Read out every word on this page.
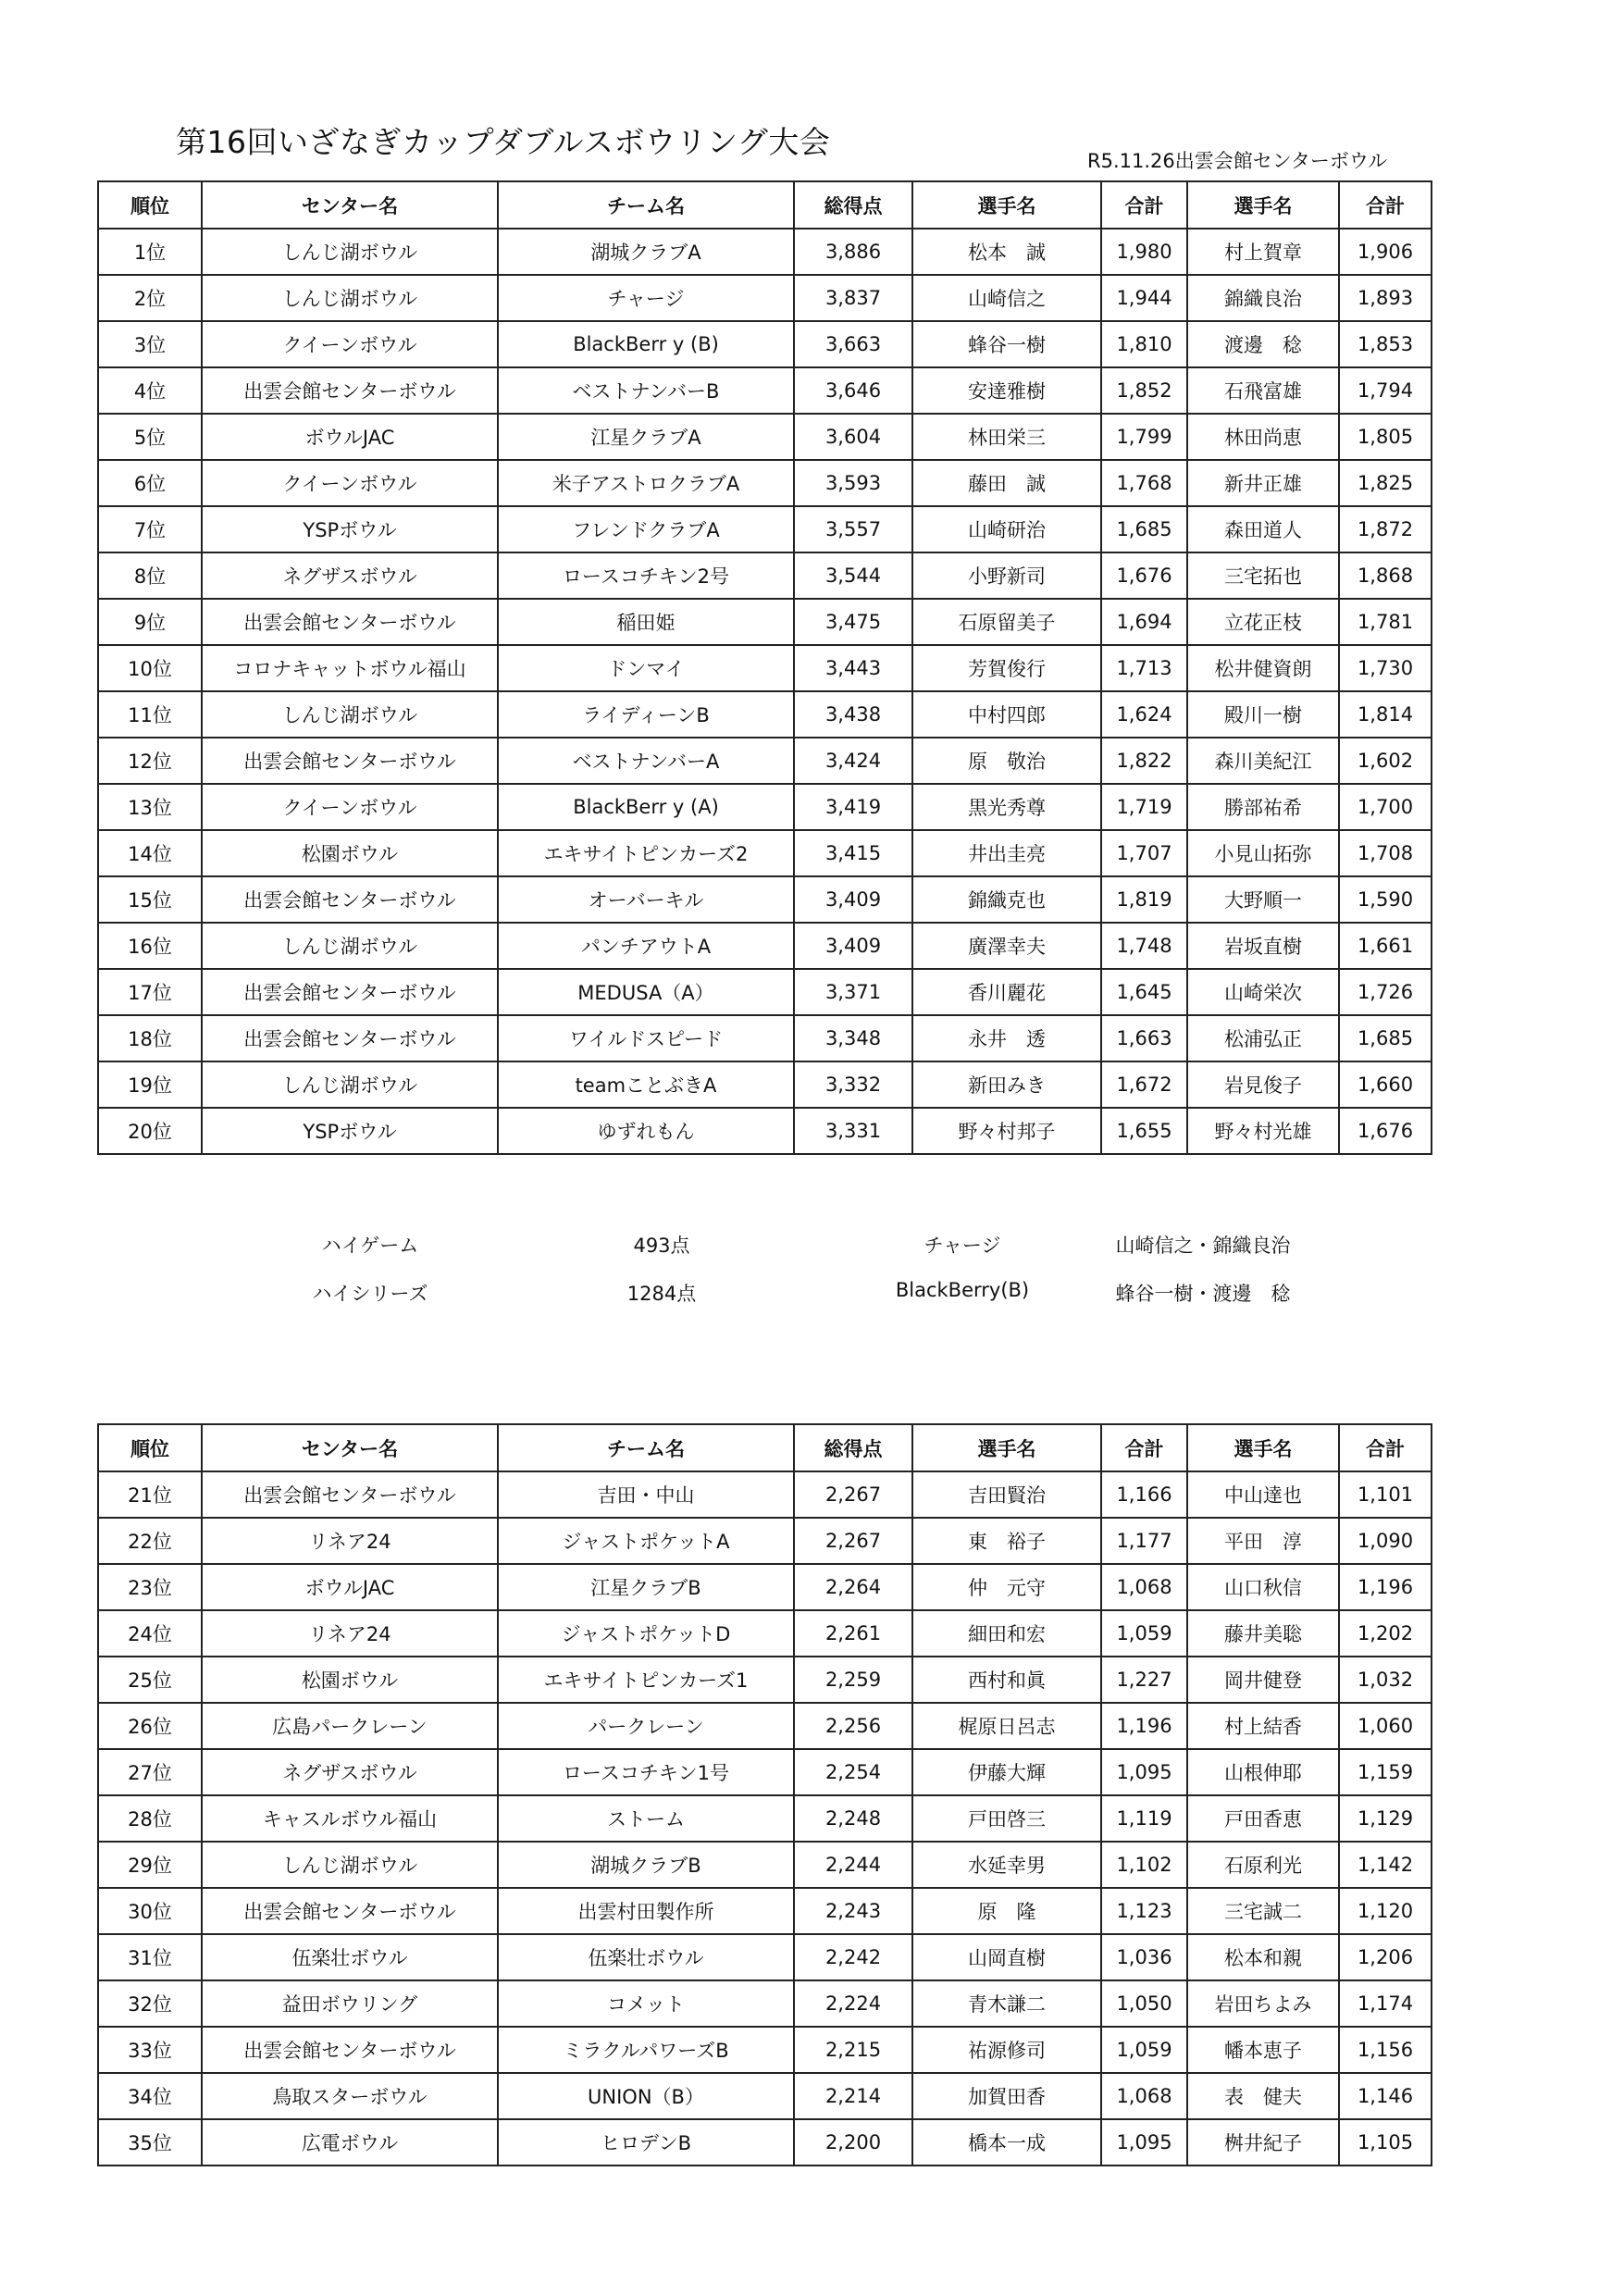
第16回いざなぎカップダブルスボウリング大会
R5.11.26出雲会館センターボウル
順位	センター名	チーム名	総得点	選手名	合計	選手名	合計
1位	しんじ湖ボウル	湖城クラブA	3,886	松本　誠	1,980	村上賀章	1,906
2位	しんじ湖ボウル	チャージ	3,837	山崎信之	1,944	錦織良治	1,893
3位	クイーンボウル	BlackBerr y (B)	3,663	蜂谷一樹	1,810	渡邊　稔	1,853
4位	出雲会館センターボウル	ベストナンバーB	3,646	安達雅樹	1,852	石飛富雄	1,794
5位	ボウルJAC	江星クラブA	3,604	林田栄三	1,799	林田尚恵	1,805
6位	クイーンボウル	米子アストロクラブA	3,593	藤田　誠	1,768	新井正雄	1,825
7位	YSPボウル	フレンドクラブA	3,557	山崎研治	1,685	森田道人	1,872
8位	ネグザスボウル	ロースコチキン2号	3,544	小野新司	1,676	三宅拓也	1,868
9位	出雲会館センターボウル	稲田姫	3,475	石原留美子	1,694	立花正枝	1,781
10位	コロナキャットボウル福山	ドンマイ	3,443	芳賀俊行	1,713	松井健資朗	1,730
11位	しんじ湖ボウル	ライディーンB	3,438	中村四郎	1,624	殿川一樹	1,814
12位	出雲会館センターボウル	ベストナンバーA	3,424	原　敬治	1,822	森川美紀江	1,602
13位	クイーンボウル	BlackBerr y (A)	3,419	黒光秀尊	1,719	勝部祐希	1,700
14位	松園ボウル	エキサイトピンカーズ2	3,415	井出圭亮	1,707	小見山拓弥	1,708
15位	出雲会館センターボウル	オーバーキル	3,409	錦織克也	1,819	大野順一	1,590
16位	しんじ湖ボウル	パンチアウトA	3,409	廣澤幸夫	1,748	岩坂直樹	1,661
17位	出雲会館センターボウル	MEDUSA（A）	3,371	香川麗花	1,645	山崎栄次	1,726
18位	出雲会館センターボウル	ワイルドスピード	3,348	永井　透	1,663	松浦弘正	1,685
19位	しんじ湖ボウル	teamことぶきA	3,332	新田みき	1,672	岩見俊子	1,660
20位	YSPボウル	ゆずれもん	3,331	野々村邦子	1,655	野々村光雄	1,676
ハイゲーム	493点	チャージ	山崎信之・錦織良治
ハイシリーズ	1284点	BlackBerry(B)	蜂谷一樹・渡邊　稔
順位	センター名	チーム名	総得点	選手名	合計	選手名	合計
21位	出雲会館センターボウル	吉田・中山	2,267	吉田賢治	1,166	中山達也	1,101
22位	リネア24	ジャストポケットA	2,267	東　裕子	1,177	平田　淳	1,090
23位	ボウルJAC	江星クラブB	2,264	仲　元守	1,068	山口秋信	1,196
24位	リネア24	ジャストポケットD	2,261	細田和宏	1,059	藤井美聡	1,202
25位	松園ボウル	エキサイトピンカーズ1	2,259	西村和眞	1,227	岡井健登	1,032
26位	広島パークレーン	パークレーン	2,256	梶原日呂志	1,196	村上結香	1,060
27位	ネグザスボウル	ロースコチキン1号	2,254	伊藤大輝	1,095	山根伸耶	1,159
28位	キャスルボウル福山	ストーム	2,248	戸田啓三	1,119	戸田香恵	1,129
29位	しんじ湖ボウル	湖城クラブB	2,244	水延幸男	1,102	石原利光	1,142
30位	出雲会館センターボウル	出雲村田製作所	2,243	原　隆	1,123	三宅誠二	1,120
31位	伍楽壮ボウル	伍楽壮ボウル	2,242	山岡直樹	1,036	松本和親	1,206
32位	益田ボウリング	コメット	2,224	青木謙二	1,050	岩田ちよみ	1,174
33位	出雲会館センターボウル	ミラクルパワーズB	2,215	祐源修司	1,059	幡本恵子	1,156
34位	鳥取スターボウル	UNION（B）	2,214	加賀田香	1,068	表　健夫	1,146
35位	広電ボウル	ヒロデンB	2,200	橋本一成	1,095	桝井紀子	1,105
